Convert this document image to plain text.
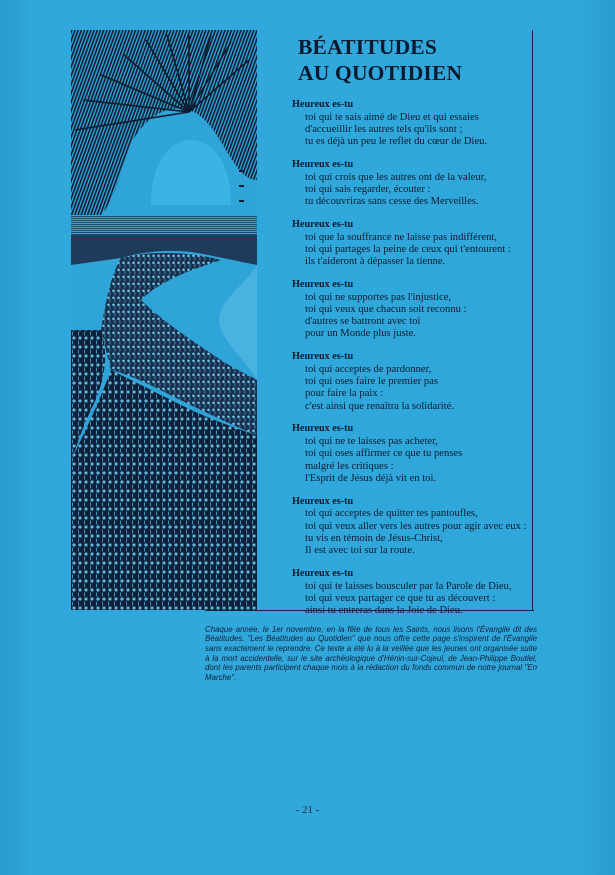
BÉATITUDES
AU QUOTIDIEN
Heureux es-tu
toi qui te sais aimé de Dieu et qui essaies
d'accueillir les autres tels qu'ils sont ;
tu es déjà un peu le reflet du cœur de Dieu.
Heureux es-tu
toi qui crois que les autres ont de la valeur,
toi qui sais regarder, écouter :
tu découvriras sans cesse des Merveilles.
Heureux es-tu
toi que la souffrance ne laisse pas indifférent,
toi qui partages la peine de ceux qui t'entourent :
ils t'aideront à dépasser la tienne.
Heureux es-tu
toi qui ne supportes pas l'injustice,
toi qui veux que chacun soit reconnu :
d'autres se battront avec toi
pour un Monde plus juste.
Heureux es-tu
toi qui acceptes de pardonner,
toi qui oses faire le premier pas
pour faire la paix :
c'est ainsi que renaîtra la solidarité.
Heureux es-tu
toi qui ne te laisses pas acheter,
toi qui oses affirmer ce que tu penses
malgré les critiques :
l'Esprit de Jésus déjà vit en toi.
Heureux es-tu
toi qui acceptes de quitter tes pantoufles,
toi qui veux aller vers les autres pour agir avec eux :
tu vis en témoin de Jésus-Christ,
Il est avec toi sur la route.
Heureux es-tu
toi qui te laisses bousculer par la Parole de Dieu,
toi qui veux partager ce que tu as découvert :
ainsi tu entreras dans la Joie de Dieu.

Chaque année, le 1er novembre, en la fête de tous les Saints, nous lisons l'Évangile dit des Béatitudes. "Les Béatitudes au Quotidien" que nous offre cette page s'inspirent de l'Évangile sans exactement le reprendre. Ce texte a été lu à la veillée que les jeunes ont organisée suite à la mort accidentelle, sur le site archéologique d'Hénin-sur-Cojeul, de Jean-Philippe Boutlel, dont les parents participent chaque mois à la rédaction du fonds commun de notre journal "En Marche".

- 21 -
